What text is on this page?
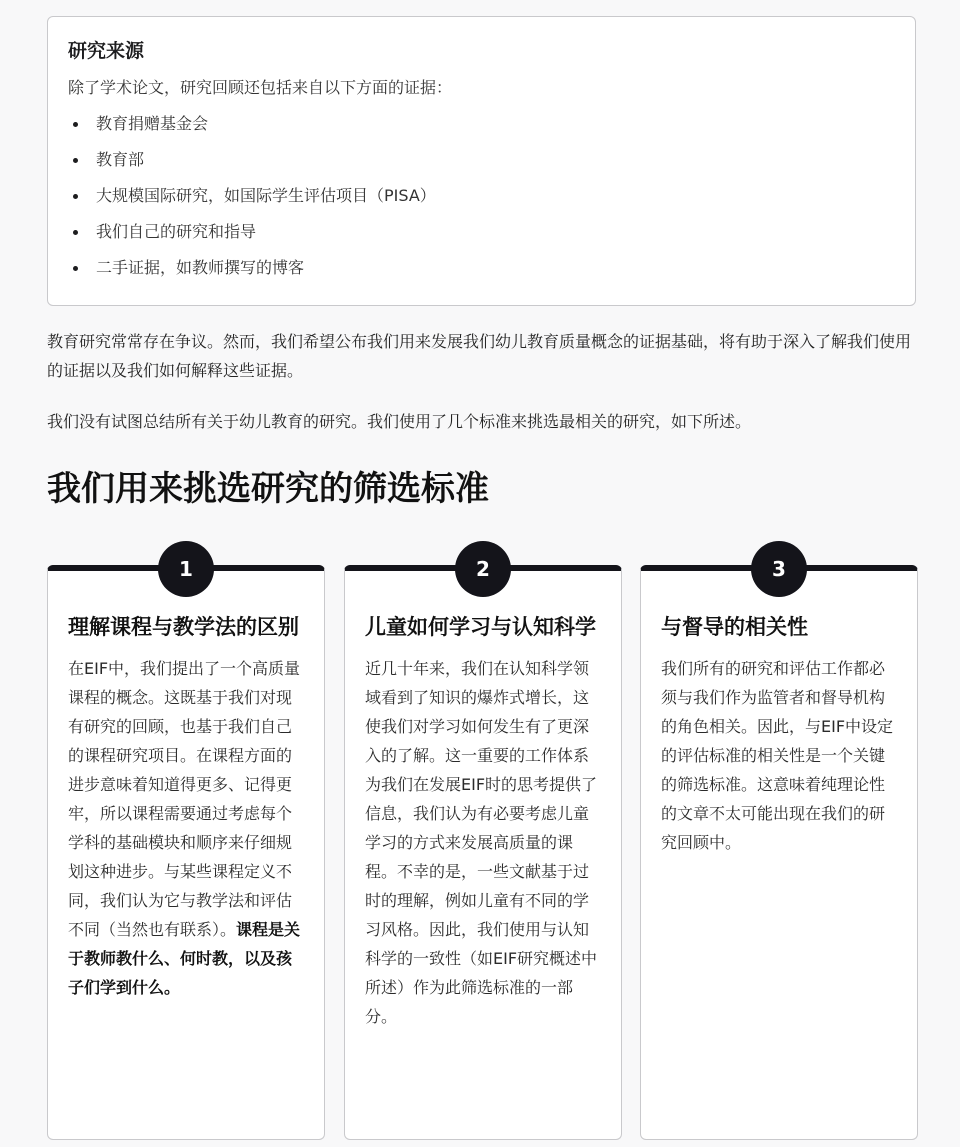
研究来源

除了学术论文，研究回顾还包括来自以下方面的证据：

教育捐赠基金会
教育部
大规模国际研究，如国际学生评估项目（PISA）
我们自己的研究和指导
二手证据，如教师撰写的博客

教育研究常常存在争议。然而，我们希望公布我们用来发展我们幼儿教育质量概念的证据基础，将有助于深入了解我们使用的证据以及我们如何解释这些证据。

我们没有试图总结所有关于幼儿教育的研究。我们使用了几个标准来挑选最相关的研究，如下所述。

我们用来挑选研究的筛选标准
1
理解课程与教学法的区别

在EIF中，我们提出了一个高质量课程的概念。这既基于我们对现有研究的回顾，也基于我们自己的课程研究项目。在课程方面的进步意味着知道得更多、记得更牢，所以课程需要通过考虑每个学科的基础模块和顺序来仔细规划这种进步。与某些课程定义不同，我们认为它与教学法和评估不同（当然也有联系）。课程是关于教师教什么、何时教，以及孩子们学到什么。

2
儿童如何学习与认知科学

近几十年来，我们在认知科学领域看到了知识的爆炸式增长，这使我们对学习如何发生有了更深入的了解。这一重要的工作体系为我们在发展EIF时的思考提供了信息，我们认为有必要考虑儿童学习的方式来发展高质量的课程。不幸的是，一些文献基于过时的理解，例如儿童有不同的学习风格。因此，我们使用与认知科学的一致性（如EIF研究概述中所述）作为此筛选标准的一部分。

3
与督导的相关性

我们所有的研究和评估工作都必须与我们作为监管者和督导机构的角色相关。因此，与EIF中设定的评估标准的相关性是一个关键的筛选标准。这意味着纯理论性的文章不太可能出现在我们的研究回顾中。
